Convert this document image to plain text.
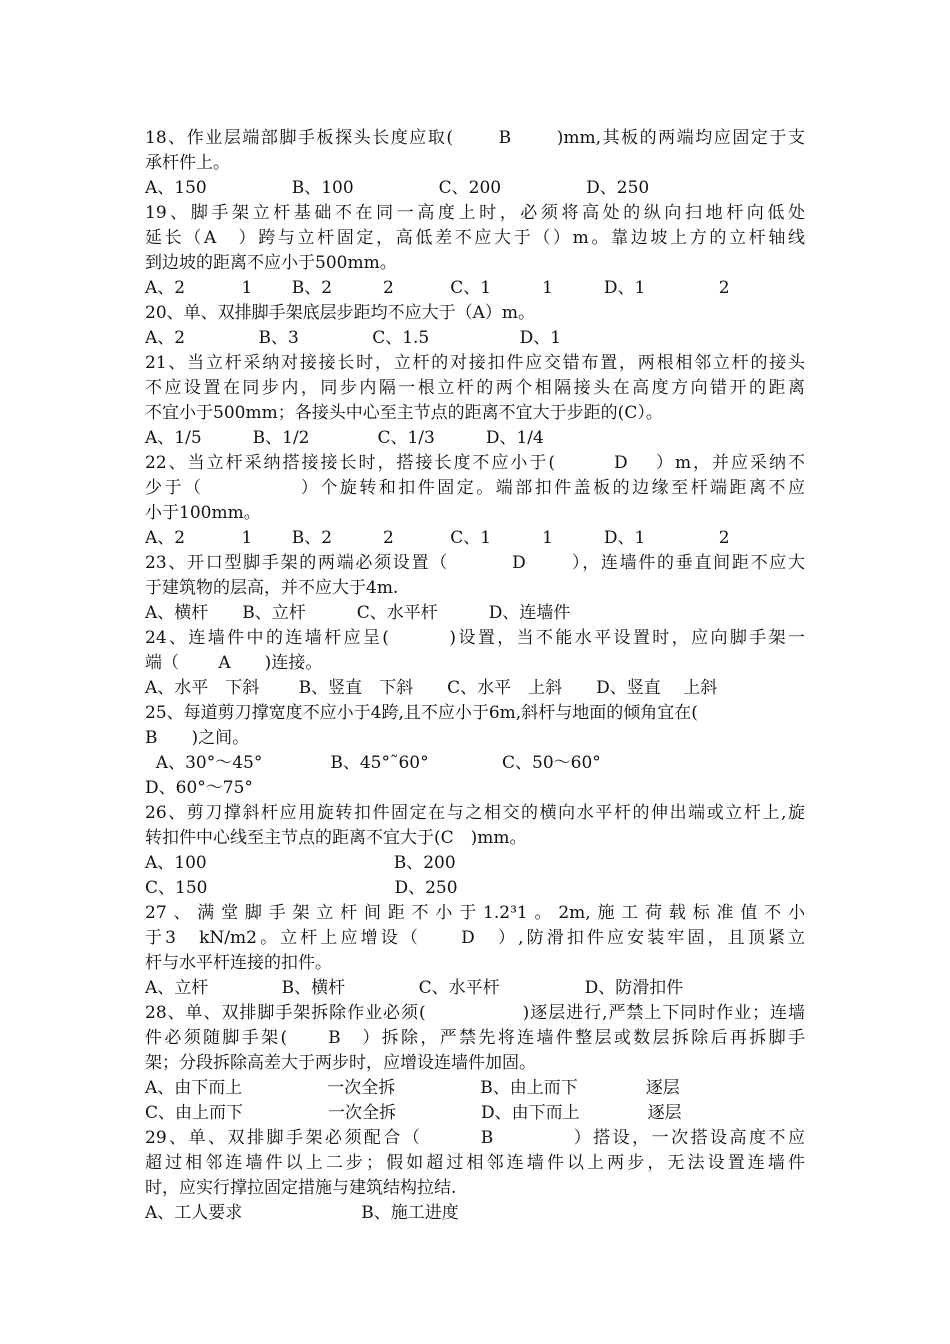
18、作业层端部脚手板探头长度应取(　　 B　　 )mm,其板的两端均应固定于支
承杆件上。
A、150　　　　　B、100　　　　　C、200　　　　　D、250
19、脚手架立杆基础不在同一高度上时，必须将高处的纵向扫地杆向低处
延长（A　）跨与立杆固定，高低差不应大于（）m。靠边坡上方的立杆轴线
到边坡的距离不应小于500mm。
A、2　　　 1　　 B、2　　　2　　　 C、1　　　1　　　D、1　　　　 2
20、单、双排脚手架底层步距均不应大于（A）m。
A、2　　　　 B、3　　　　 C、1.5　　　　　 D、1
21、当立杆采纳对接接长时，立杆的对接扣件应交错布置，两根相邻立杆的接头
不应设置在同步内，同步内隔一根立杆的两个相隔接头在高度方向错开的距离
不宜小于500mm；各接头中心至主节点的距离不宜大于步距的(C）。
A、1/5　　　B、1/2　　　　C、1/3　　　D、1/4
22、当立杆采纳搭接接长时，搭接长度不应小于(　　　D　 ）m，并应采纳不
少于（　　　　　）个旋转和扣件固定。端部扣件盖板的边缘至杆端距离不应
小于100mm。
A、2　　　 1　　 B、2　　　2　　　 C、1　　　1　　　D、1　　　　 2
23、开口型脚手架的两端必须设置（　　　 D　　 ），连墙件的垂直间距不应大
于建筑物的层高，并不应大于4m.
A、横杆　　B、立杆　　　C、水平杆　　　D、连墙件
24、连墙件中的连墙杆应呈(　　　)设置，当不能水平设置时，应向脚手架一
端（　　 A　　)连接。
A、水平　下斜　　 B、竖直　下斜　　C、水平　上斜　　D、竖直　 上斜
25、每道剪刀撑宽度不应小于4跨,且不应小于6m,斜杆与地面的倾角宜在(
B　　)之间。
A、30°～45°　　　　B、45°˜60°　　　　 C、50～60°
D、60°～75°
26、剪刀撑斜杆应用旋转扣件固定在与之相交的横向水平杆的伸出端或立杆上,旋
转扣件中心线至主节点的距离不宜大于(C　)mm。
A、100　　　　　　　　　　　B、200
C、150　　　　　　　　　　　D、250
27、满堂脚手架立杆间距不小于1.2³1。2m,施工荷载标准值不小
于3　kN/m2。立杆上应增设（　　D　）,防滑扣件应安装牢固，且顶紧立
杆与水平杆连接的扣件。
A、立杆　　　　 B、横杆　　　　 C、水平杆　　　　　D、防滑扣件
28、单、双排脚手架拆除作业必须(　　　　　 )逐层进行,严禁上下同时作业；连墙
件必须随脚手架(　　B　）拆除，严禁先将连墙件整层或数层拆除后再拆脚手
架；分段拆除高差大于两步时，应增设连墙件加固。
A、由下而上　　　　　一次全拆　　　　　B、由上而下　　　　逐层
C、由上而下　　　　　一次全拆　　　　　D、由下而上　　　　逐层
29、单、双排脚手架必须配合（　　　B　　　　）搭设，一次搭设高度不应
超过相邻连墙件以上二步；假如超过相邻连墙件以上两步，无法设置连墙件
时，应实行撑拉固定措施与建筑结构拉结.
A、工人要求　　　　　　　B、施工进度
